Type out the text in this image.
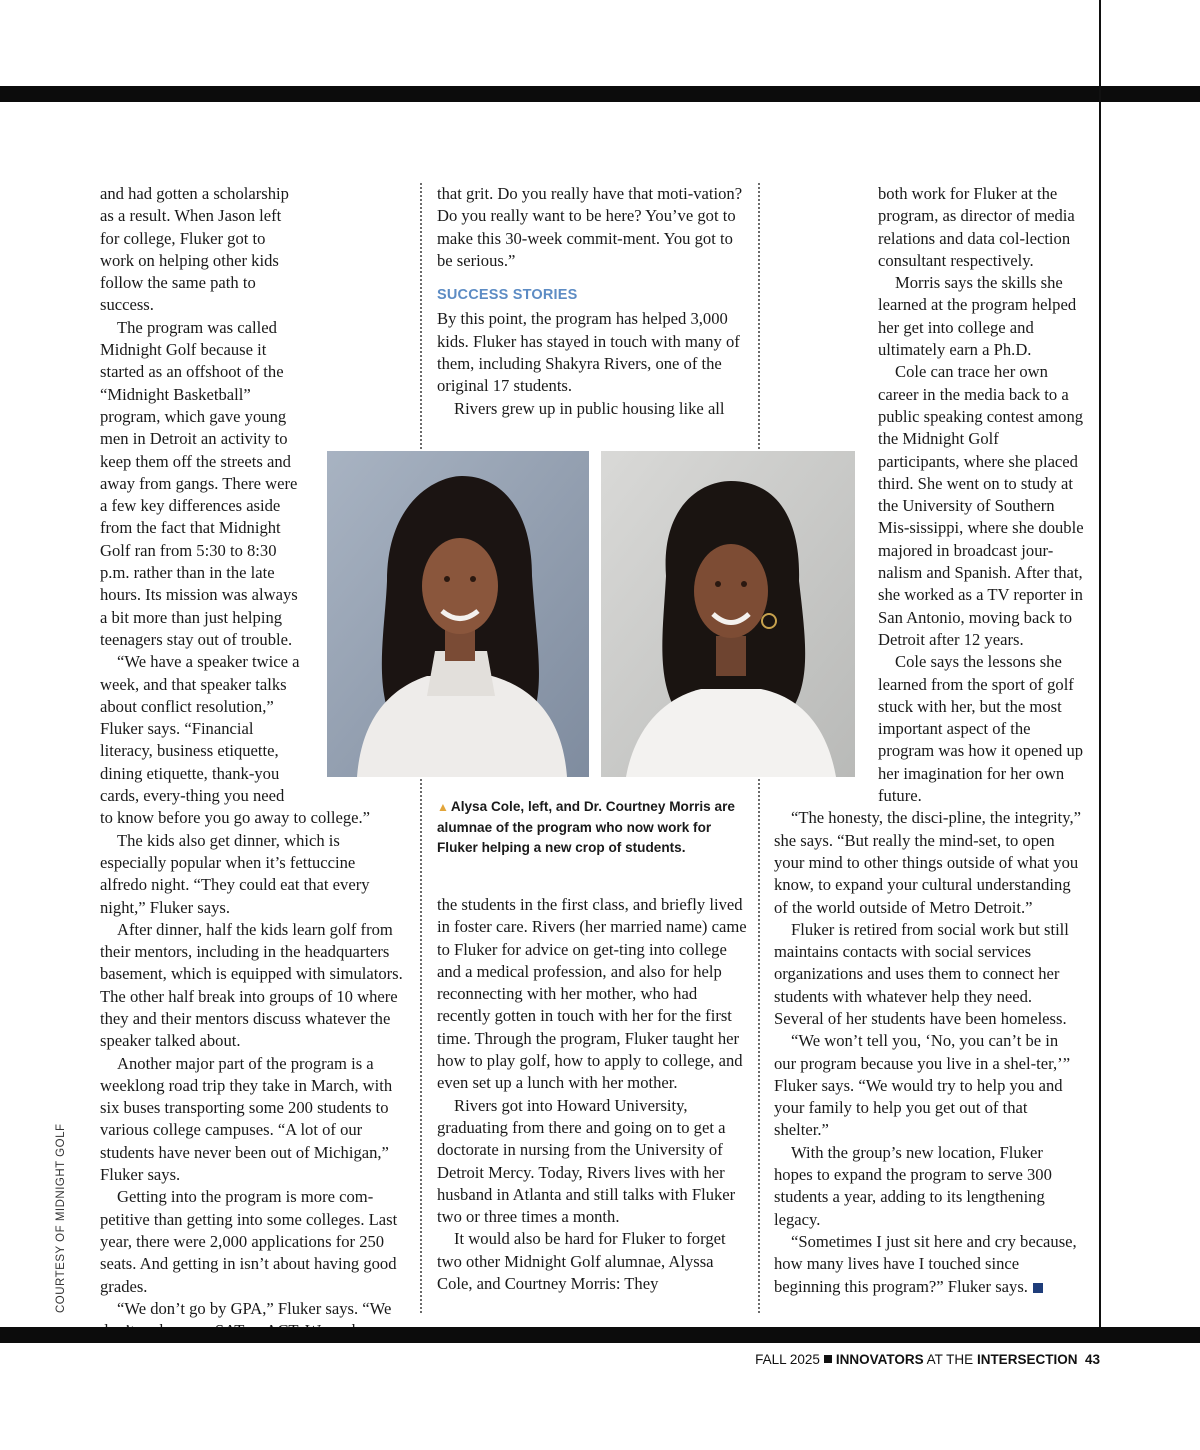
and had gotten a scholarship as a result. When Jason left for college, Fluker got to work on helping other kids follow the same path to success.

The program was called Midnight Golf because it started as an offshoot of the “Midnight Basketball” program, which gave young men in Detroit an activity to keep them off the streets and away from gangs. There were a few key differences aside from the fact that Midnight Golf ran from 5:30 to 8:30 p.m. rather than in the late hours. Its mission was always a bit more than just helping teenagers stay out of trouble.

“We have a speaker twice a week, and that speaker talks about conflict resolution,” Fluker says. “Financial literacy, business etiquette, dining etiquette, thank-you cards, every-thing you need to know before you go away to college.”

The kids also get dinner, which is especially popular when it’s fettuccine alfredo night. “They could eat that every night,” Fluker says.

After dinner, half the kids learn golf from their mentors, including in the headquarters basement, which is equipped with simulators. The other half break into groups of 10 where they and their mentors discuss whatever the speaker talked about.

Another major part of the program is a weeklong road trip they take in March, with six buses transporting some 200 students to various college campuses. “A lot of our students have never been out of Michigan,” Fluker says.

Getting into the program is more com-petitive than getting into some colleges. Last year, there were 2,000 applications for 250 seats. And getting in isn’t about having good grades.

“We don’t go by GPA,” Fluker says. “We

that grit. Do you really have that moti-vation? Do you really want to be here? You’ve got to make this 30-week commit-ment. You got to be serious.”

SUCCESS STORIES

By this point, the program has helped 3,000 kids. Fluker has stayed in touch with many of them, including Shakyra Rivers, one of the original 17 students.

Rivers grew up in public housing like all

the students in the first class, and briefly lived in foster care. Rivers (her married name) came to Fluker for advice on get-ting into college and a medical profession, and also for help reconnecting with her mother, who had recently gotten in touch with her for the first time. Through the program, Fluker taught her how to play golf, how to apply to college, and even set up a lunch with her mother.

Rivers got into Howard University, graduating from there and going on to get a doctorate in nursing from the University of Detroit Mercy. Today, Rivers lives with her husband in Atlanta and still talks with Fluker two or three times a month.

It would also be hard for Fluker to forget two other Midnight Golf alumnae, Alyssa Cole, and Courtney Morris: They

both work for Fluker at the program, as director of media relations and data col-lection consultant respectively.

Morris says the skills she learned at the program helped her get into college and ultimately earn a Ph.D.

Cole can trace her own career in the media back to a public speaking contest among the Midnight Golf participants, where she placed third. She went on to study at the University of Southern Mis-sissippi, where she double majored in broadcast jour-nalism and Spanish. After that, she worked as a TV reporter in San Antonio, moving back to Detroit after 12 years.

Cole says the lessons she learned from the sport of golf stuck with her, but the most important aspect of the program was how it opened up her imagination for her own future.

“The honesty, the disci-pline, the integrity,” she says. “But really the mind-set, to open your mind to other things outside of what you know, to expand your cultural understanding of the world outside of Metro Detroit.”

Fluker is retired from social work but still maintains contacts with social services organizations and uses them to connect her students with whatever help they need. Several of her students have been homeless.

“We won’t tell you, ‘No, you can’t be in our program because you live in a shel-ter,’” Fluker says. “We would try to help you and your family to help you get out of that shelter.”

With the group’s new location, Fluker hopes to expand the program to serve 300 students a year, adding to its lengthening legacy.

“Sometimes I just sit here and cry because, how many lives have I touched since beginning this program?” Fluker says.

▲ Alysa Cole, left, and Dr. Courtney Morris are alumnae of the program who now work for Fluker helping a new crop of students.
COURTESY OF MIDNIGHT GOLF
FALL 2025 INNOVATORS AT THE INTERSECTION 43
